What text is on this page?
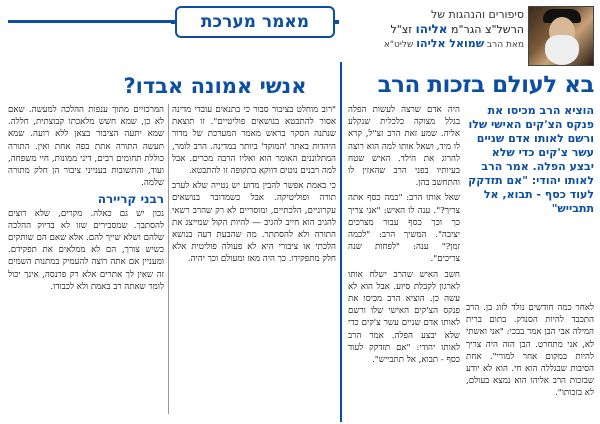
סיפורים והנהגות של
הרשל"צ הגר"מ אליהו זצ"ל
מאת הרב שמואל אליהו שליט"א
בא לעולם בזכות הרב
הוציא הרב מכיסו את פנקס הצ'קים האישי שלו ורשם לאותו אדם שניים עשר צ'קים כדי שלא יבצע הפלה. אמר הרב לאותו יהודי: "אם תזדקק לעוד כסף - תבוא, אל תתבייש"

היה אדם שרצה לעשות הפלה בגלל מצוקה כלכלית שנקלע אליה. שמע זאת הרב זצ"ל, קרא לו מיד, ושאל אותו למה הוא רוצה להרוג את הילד. האיש שטח בעיותיו בפני הרב שהאזין לו והתחשב בהן.

שאל אותו הרב: "כמה כסף אתה צריך?". ענה לו האיש: "אני צריך כך וכך כסף עבור מצרכים יציבה". המשיך הרב: "לכמה זמן?" ענה: "לפחות שנה צריכים".

חשב האיש שהרב ישלח אותו לארגון לקבלת סיוע. אבל הוא לא עשה כן. הוציא הרב מכיסו את פנקס הצ'קים האישי שלו ורשם לאותו אדם שניים עשר צ'קים כדי שלא יבצע הפלה. אמר הרב לאותו יהודי: "אם תזדקק לעוד כסף - תבוא, אל תתבייש".

לאחר כמה חודשים נולד לזוג בן. הרב התכבד להיות הסנדק. בתום ברית המילה אבי הבן אמר בבכי: "אני ואשתי לא, אני מתחרט. הבן הזה היה צריך להיות במקום אחר למורי". אחת הסיבות שבגללה הוא חי. הוא לא יודע שבזכות הרב אליהו הוא נמצא בעולם, לא בזכותו".

מאמר מערכת
אנשי אמונה אבדו?

"רוב מוחלט בציבור סבור כי בתנאים עובדי מדינה אסור להתבטא בנושאים פוליטיים". זו תוצאת שנתנה הסקר בראש מאמר המערכת של מדור היהדות באתר 'המוקד' ביותר במדינה. הרב לומר, המתלוננים האומר הוא ואליו הרבה מכרים. אבל למה רבנים נוטים דווקא בתקופה זו להתבטא.

כי באמת אפשר להבין מדוע יש נטייה שלא לערב תורה ופוליטיקה. אבל כשמדובר בנושאים עקרוניים, הלכתיים, ומוסריים לא רק שהרב רשאי להגיב הוא חייב להגיב — להיות הקול שמייצג את התורה ולא להסתתר. מה שהבעת דעה בנושא הלכתי או ציבורי היא לא פעולה פוליטית אלא חלק מתפקידו. כך היה מאז ומעולם וכך יהיה.

המרכזיים מתוך ענפות ההלכה למעשה. שאם לא כן, שמא חשש מלאכתו קבוצתית, חללה. שמא יתעה הציבור בצאן ללא רועה. שמא תעשה התורה אתת בפה אחת ואין. התורה כוללת תחומים רבים, דיני ממונות, חיי משפחה, ועוד, והתשובות בענייני ציבור הן חלק מתורה שלמה.

רבני קריירה

נכון יש גם כאלה. מקרים, שלא רוצים להסתבך. שמסבירים שזו לא בדיוק ההלכה שלהם ושלא שייך להם. אלא שאם הם שותקים כשיש צורך, הם לא ממלאים את תפקידם. ומעניין אם אתה רוצה להעמיק במתנות השמים זה שאין לך אתרים אלא רק פרנסה, אינך יכול לומר שאתה רב באמת ולא לכבודו.
